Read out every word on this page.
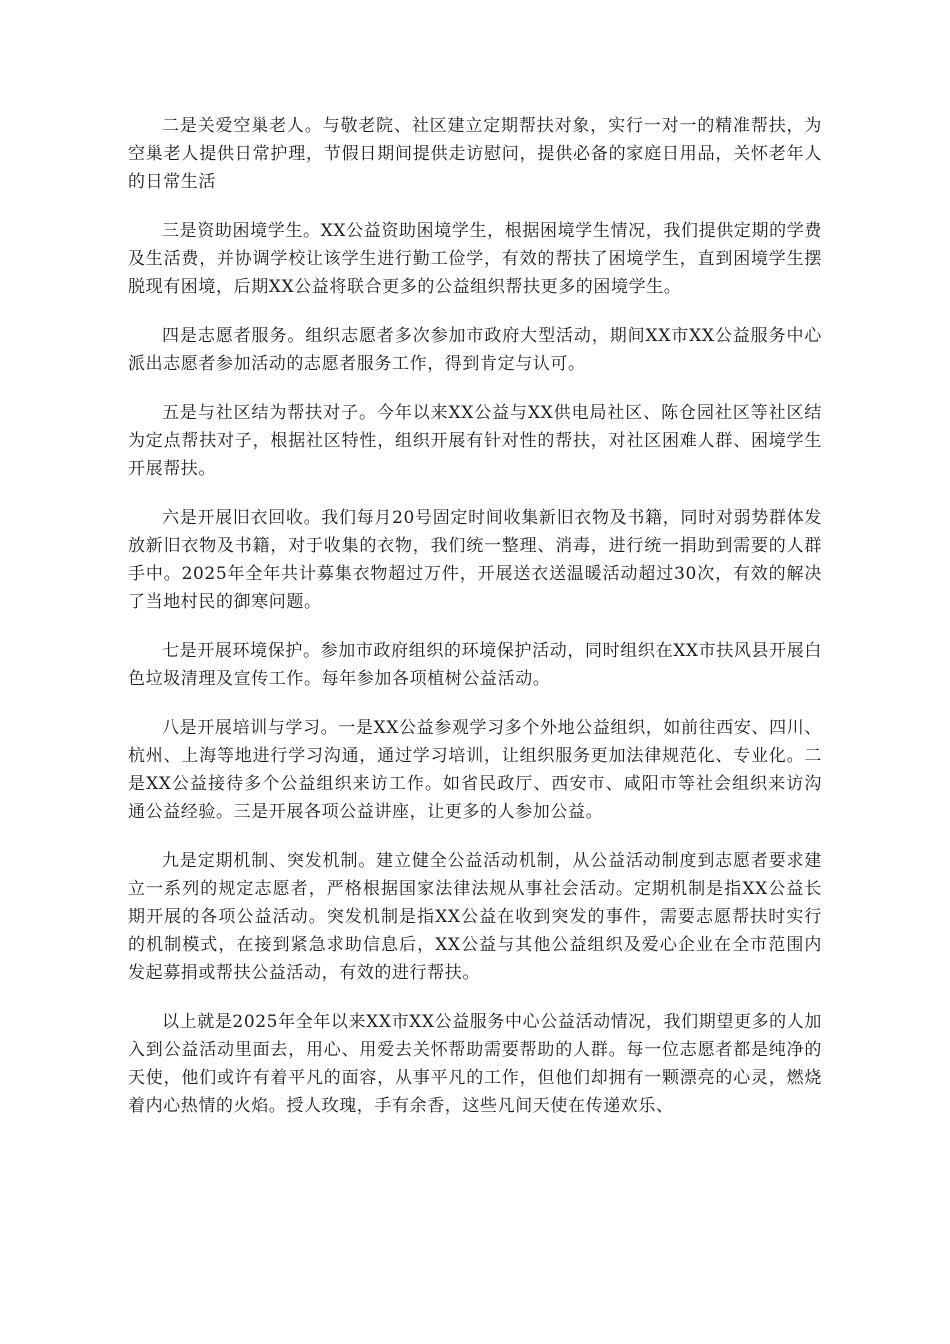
二是关爱空巢老人。与敬老院、社区建立定期帮扶对象，实行一对一的精准帮扶，为空巢老人提供日常护理，节假日期间提供走访慰问，提供必备的家庭日用品，关怀老年人的日常生活

三是资助困境学生。XX公益资助困境学生，根据困境学生情况，我们提供定期的学费及生活费，并协调学校让该学生进行勤工俭学，有效的帮扶了困境学生，直到困境学生摆脱现有困境，后期XX公益将联合更多的公益组织帮扶更多的困境学生。

四是志愿者服务。组织志愿者多次参加市政府大型活动，期间XX市XX公益服务中心派出志愿者参加活动的志愿者服务工作，得到肯定与认可。

五是与社区结为帮扶对子。今年以来XX公益与XX供电局社区、陈仓园社区等社区结为定点帮扶对子，根据社区特性，组织开展有针对性的帮扶，对社区困难人群、困境学生开展帮扶。

六是开展旧衣回收。我们每月20号固定时间收集新旧衣物及书籍，同时对弱势群体发放新旧衣物及书籍，对于收集的衣物，我们统一整理、消毒，进行统一捐助到需要的人群手中。2025年全年共计募集衣物超过万件，开展送衣送温暖活动超过30次，有效的解决了当地村民的御寒问题。

七是开展环境保护。参加市政府组织的环境保护活动，同时组织在XX市扶风县开展白色垃圾清理及宣传工作。每年参加各项植树公益活动。

八是开展培训与学习。一是XX公益参观学习多个外地公益组织，如前往西安、四川、杭州、上海等地进行学习沟通，通过学习培训，让组织服务更加法律规范化、专业化。二是XX公益接待多个公益组织来访工作。如省民政厅、西安市、咸阳市等社会组织来访沟通公益经验。三是开展各项公益讲座，让更多的人参加公益。

九是定期机制、突发机制。建立健全公益活动机制，从公益活动制度到志愿者要求建立一系列的规定志愿者，严格根据国家法律法规从事社会活动。定期机制是指XX公益长期开展的各项公益活动。突发机制是指XX公益在收到突发的事件，需要志愿帮扶时实行的机制模式，在接到紧急求助信息后，XX公益与其他公益组织及爱心企业在全市范围内发起募捐或帮扶公益活动，有效的进行帮扶。

以上就是2025年全年以来XX市XX公益服务中心公益活动情况，我们期望更多的人加入到公益活动里面去，用心、用爱去关怀帮助需要帮助的人群。每一位志愿者都是纯净的天使，他们或许有着平凡的面容，从事平凡的工作，但他们却拥有一颗漂亮的心灵，燃烧着内心热情的火焰。授人玫瑰，手有余香，这些凡间天使在传递欢乐、
